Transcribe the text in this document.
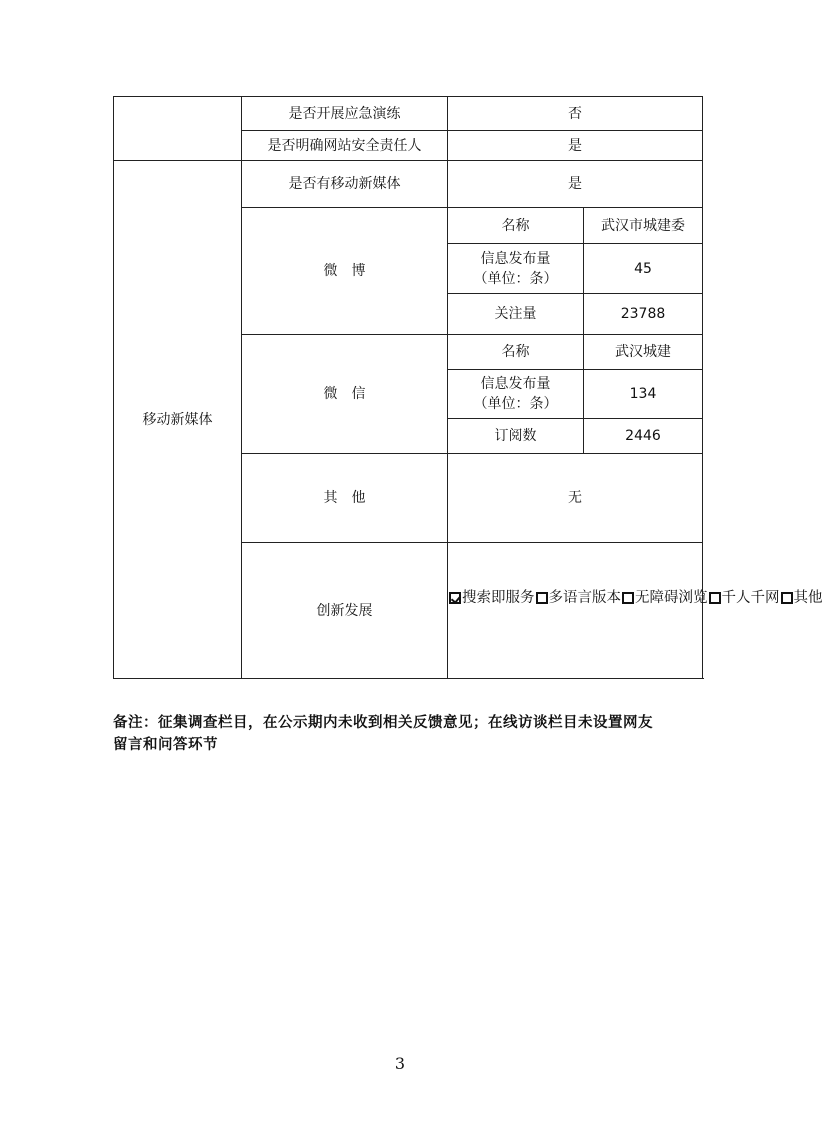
	是否开展应急演练	否	
	是否明确网站安全责任人	是	
移动新媒体	是否有移动新媒体	是	
	微　博	名称	武汉市城建委

		信息发布量
（单位：条）	45
		关注量	23788
	微　信	名称	武汉城建

		信息发布量
（单位：条）	134
		订阅数	2446
	其　他	无	
	创新发展	搜索即服务 多语言版本 无障碍浏览 千人千网 其他	
备注：征集调查栏目，在公示期内未收到相关反馈意见；在线访谈栏目未设置网友
留言和问答环节
3
